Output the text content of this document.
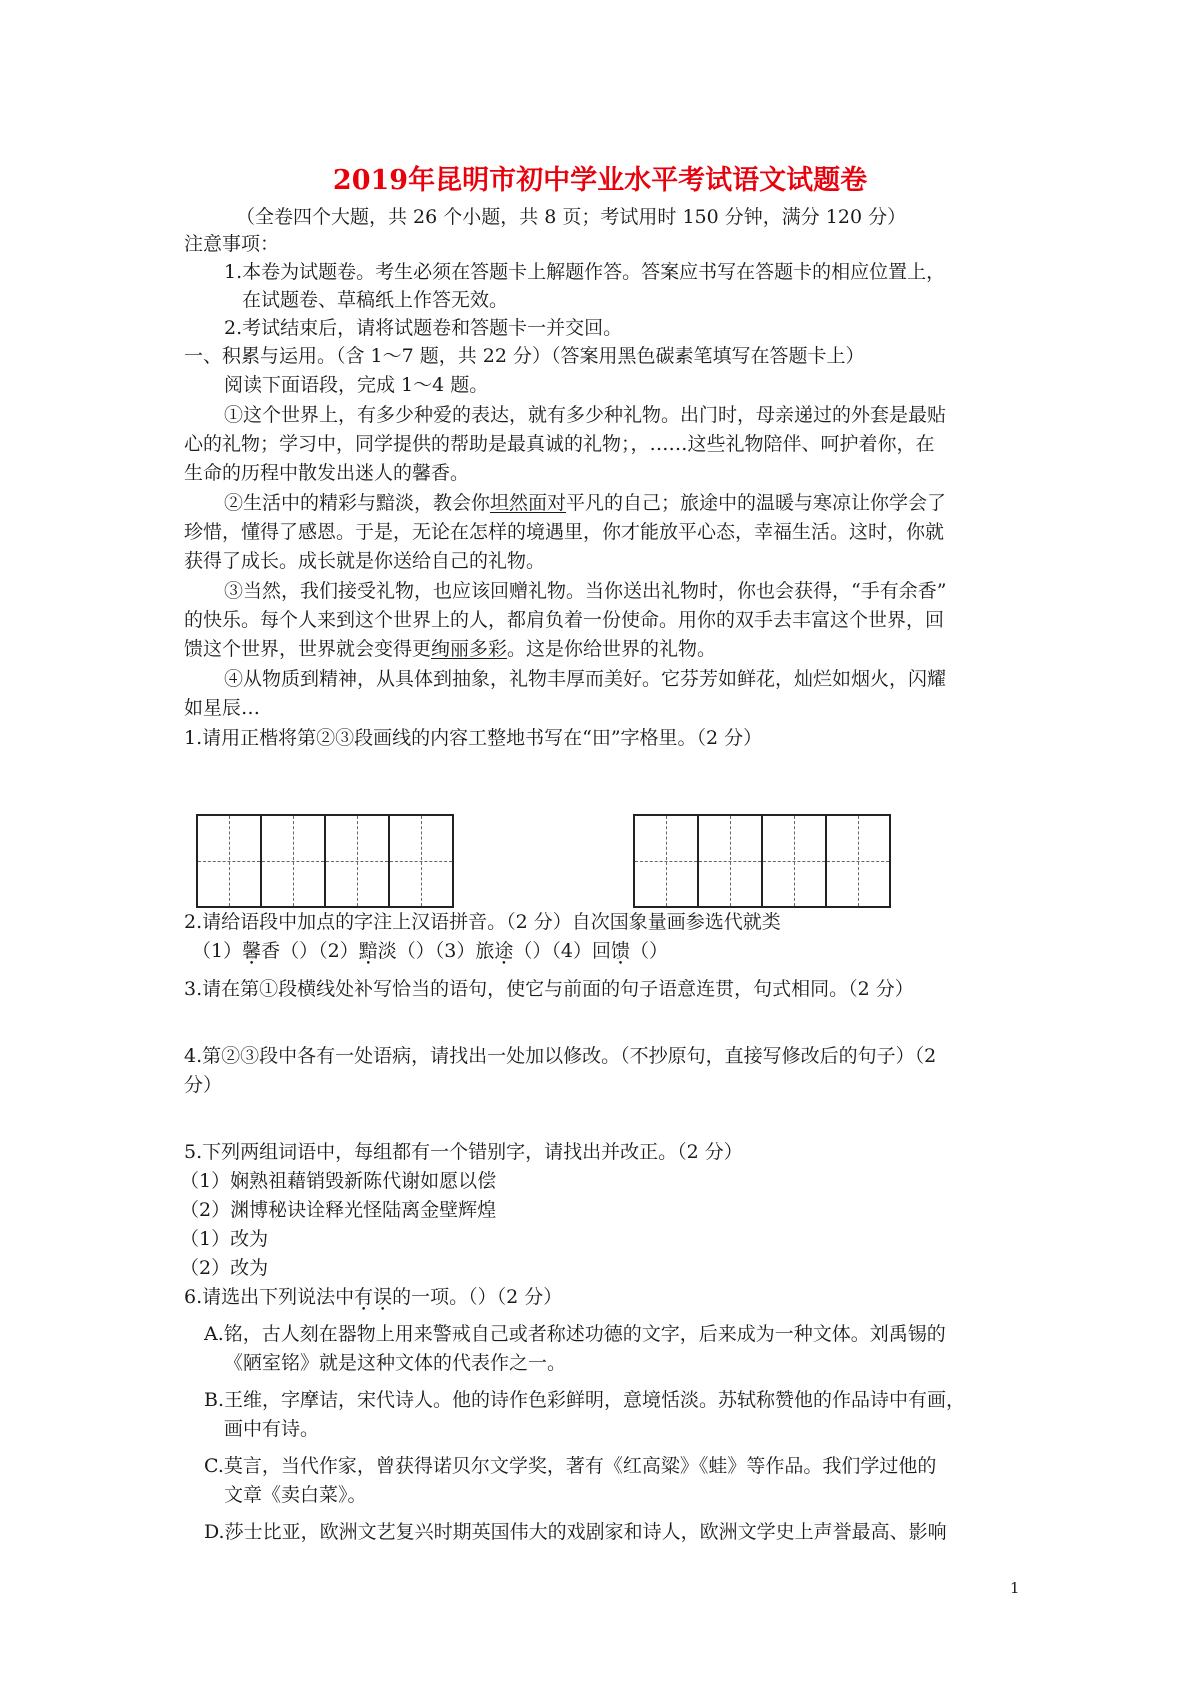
2019年昆明市初中学业水平考试语文试题卷
（全卷四个大题，共 26 个小题，共 8 页；考试用时 150 分钟，满分 120 分）
注意事项：
1.本卷为试题卷。考生必须在答题卡上解题作答。答案应书写在答题卡的相应位置上，
在试题卷、草稿纸上作答无效。
2.考试结束后，请将试题卷和答题卡一并交回。
一、积累与运用。（含 1～7 题，共 22 分）（答案用黑色碳素笔填写在答题卡上）
阅读下面语段，完成 1～4 题。
①这个世界上，有多少种爱的表达，就有多少种礼物。出门时，母亲递过的外套是最贴
心的礼物；学习中，同学提供的帮助是最真诚的礼物；，……这些礼物陪伴、呵护着你，在
生命的历程中散发出迷人的馨香。
②生活中的精彩与黯淡，教会你坦然面对平凡的自己；旅途中的温暖与寒凉让你学会了
珍惜，懂得了感恩。于是，无论在怎样的境遇里，你才能放平心态，幸福生活。这时，你就
获得了成长。成长就是你送给自己的礼物。
③当然，我们接受礼物，也应该回赠礼物。当你送出礼物时，你也会获得，“手有余香”
的快乐。每个人来到这个世界上的人，都肩负着一份使命。用你的双手去丰富这个世界，回
馈这个世界，世界就会变得更绚丽多彩。这是你给世界的礼物。
④从物质到精神，从具体到抽象，礼物丰厚而美好。它芬芳如鲜花，灿烂如烟火，闪耀
如星辰…
1.请用正楷将第②③段画线的内容工整地书写在“田”字格里。（2 分）
2.请给语段中加点的字注上汉语拼音。（2 分）自次国象量画参选代就类
（1）馨香（）（2）黯淡（）（3）旅途（）（4）回馈（）
3.请在第①段横线处补写恰当的语句，使它与前面的句子语意连贯，句式相同。（2 分）
4.第②③段中各有一处语病，请找出一处加以修改。（不抄原句，直接写修改后的句子）（2
分）
5.下列两组词语中，每组都有一个错别字，请找出并改正。（2 分）
（1）娴熟祖藉销毁新陈代谢如愿以偿
（2）渊博秘诀诠释光怪陆离金壁辉煌
（1）改为
（2）改为
6.请选出下列说法中有误的一项。（）（2 分）
A.铭，古人刻在器物上用来警戒自己或者称述功德的文字，后来成为一种文体。刘禹锡的
《陋室铭》就是这种文体的代表作之一。
B.王维，字摩诘，宋代诗人。他的诗作色彩鲜明，意境恬淡。苏轼称赞他的作品诗中有画，
画中有诗。
C.莫言，当代作家，曾获得诺贝尔文学奖，著有《红高粱》《蛙》等作品。我们学过他的
文章《卖白菜》。
D.莎士比亚，欧洲文艺复兴时期英国伟大的戏剧家和诗人，欧洲文学史上声誉最高、影响
1
